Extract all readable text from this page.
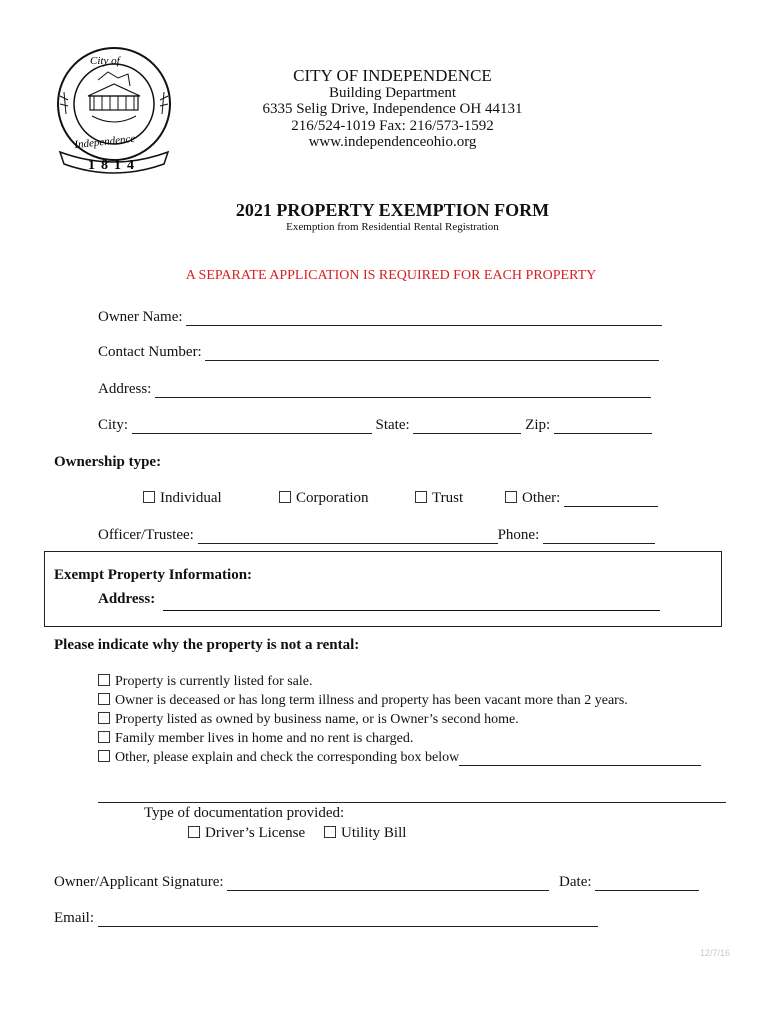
City of
Independence
1814
CITY OF INDEPENDENCE
Building Department
6335 Selig Drive, Independence OH 44131
216/524-1019 Fax: 216/573-1592
www.independenceohio.org
2021 PROPERTY EXEMPTION FORM
Exemption from Residential Rental Registration
A SEPARATE APPLICATION IS REQUIRED FOR EACH PROPERTY
Owner Name:
Contact Number:
Address:
City:	State:	Zip:
Ownership type:
Individual	Corporation	Trust	Other:
Officer/Trustee:	Phone:
Exempt Property Information:
Address:
Please indicate why the property is not a rental:
Property is currently listed for sale.
Owner is deceased or has long term illness and property has been vacant more than 2 years.
Property listed as owned by business name, or is Owner’s second home.
Family member lives in home and no rent is charged.
Other, please explain and check the corresponding box below
Type of documentation provided:
Driver’s License	Utility Bill
Owner/Applicant Signature:	Date:
Email:
12/7/16
